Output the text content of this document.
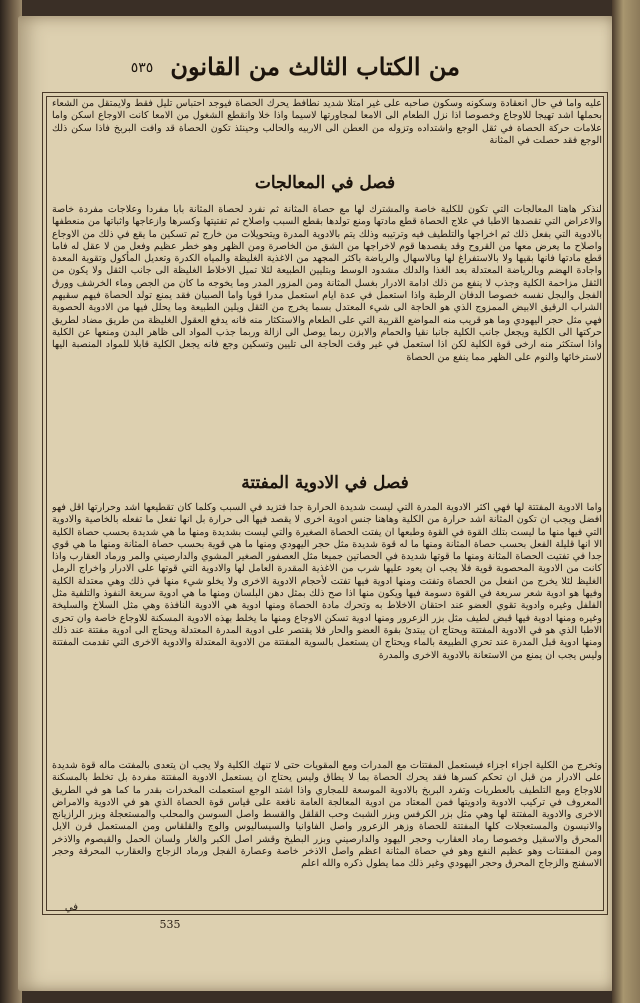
من الكتاب الثالث من القانون
٥٣٥
عليه واما في حال انعقادة وسكونه وسكون صاحبه على غير امتلا شديد نطافط يحرك الحصاة فيوجد احتباس تليل فقط ولايمتقل من الشعاء بحملها اشد تهيجا للاوجاع وخصوصا اذا نزل الطعام الى الامعا لمجاورتها لاسيما واذا خلا وانقطع الشغول من الامعا كانت الاوجاع اسكن واما علامات حركة الحصاة في ثقل الوجع واشتداده وتزوله من العطن الى الاربيه والحالب وحينئذ تكون الحصاة قد وافت البربخ فاذا سكن ذلك الوجع فقد حصلت في المثانة
فصل في المعالجات
لنذكر هاهنا المعالجات التي تكون للكلية خاصة والمشترك لها مع حصاة المثانة ثم نفرد لحصاة المثانة بابا مفردا وعلاجات مفردة خاصة والاعراض التي تقصدها الاطبا في علاج الحصاة قطع مادتها ومنع تولدها بقطع السبب واصلاح ثم تفتيتها وكسرها وازعاجها واثباتها من منعطفها بالادوية التي بفعل ذلك ثم اخراجها والتلطيف فيه وترتيبه وذلك يتم بالادوية المدرة ويتحويلات من خارج ثم تسكين ما يقع في ذلك من الاوجاع واصلاح ما يعرض معها من القروح وقد يقصدها قوم لاخراجها من الشق من الخاصرة ومن الظهر وهو خطر عظيم وفعل من لا عقل له فاما قطع مادتها فانها بقيها ولا بالاستفراغ لها وبالاسهال والرياضة باكثر المجهد من الاغذية الغليظة والمياه الكدرة وتعديل المأكول وتقوية المعدة واجادة الهضم وبالرياضة المعتدلة بعد الغذا والدلك مشدود الوسط وبتليين الطبيعة لئلا تميل الاخلاط الغليظة الى جانب الثقل ولا يكون من الثقل مزاحمة الكلية وجذب لا ينفع من ذلك ادامة الادرار بغسل المثانة ومن المزور المدر وما يخوجه ما كان من الجص وماء الخرشف وورق الفجل والبجل نفسه خصوصا الدفان الرطبة واذا استعمل في عدة ايام استعمل مدرا قويا واما الصبيان فقد يمنع تولد الحصاة فيهم سقيهم الشراب الرقيق الابيض الممزوج الذي هو الحاجة الى شيء المعتدل بسما يخرج من الثقل ويلين الطبيعة وما يحلل فيها من الادوية الحصوية فهي مثل حجر اليهودي وما هو قريب منه المواضع القريبة التي على الطعام والاستكثار منه فانه يدفع العقول الغليظة من طريق مضاد لطريق حركتها الى الكلية ويجعل جانب الكلية جانبا نقيا والحمام والابزن ربما يوصل الى ازالة وربما جذب المواد الى ظاهر البدن ومنعها عن الكلية واذا استكثر منه ارخى قوة الكلية لكن اذا استعمل في غير وقت الحاجة الى تليين وتسكين وجع فانه يجعل الكلية قابلا للمواد المنصبة اليها لاسترخائها والنوم على الظهر مما ينفع من الحصاة
فصل في الادوية المفتتة
واما الادوية المفتتة لها فهي اكثر الادوية المدرة التي ليست شديدة الحرارة جدا فتزيد في السبب وكلما كان تقطيعها اشد وحرارتها اقل فهو افضل ويجب ان تكون المثانة اشد حرارة من الكلية وهاهنا جنس ادوية اخرى لا يقصد فيها الى حرارة بل انها تفعل ما تفعله بالخاصية والادوية التي فيها منها ما ليست بتلك القوة في القوة وطبعها ان يفتت الحصاة الصغيرة والتي ليست بشديدة ومنها ما هي شديدة بحسب حصاة الكلية الا انها قليلة الفعل بحسب حصاة المثانة ومنها ما له قوة شديدة مثل حجر اليهودي ومنها ما هي قوية بحسب حصاة المثانة ومنها ما هي قوي جدا في تفتيت الحصاة المثانة ومنها ما قوتها شديدة في الحصاتين جميعا مثل العصفور الصغير المشوي والدارصيني والمر ورماد العقارب واذا كانت من الادوية المحصوية قوية فلا يجب ان يعود عليها شرب من الاغذية المقدرة العامل لها والادوية التي قوتها على الادرار واخراج الرمل الغليظ لئلا يخرج من انفعل من الحصاة وتفتت ومنها ادوية فيها تفتت لأحجام الادوية الاخرى ولا يخلو شيء منها في ذلك وهي معتدلة الكلية وفيها هو ادوية شعر سريعة في القوة دسومة فيها ويكون منها اذا صح ذلك بمثل دهن البلسان ومنها ما هي ادوية سريعة النفوذ والتلفية مثل الفلفل وغيره وادوية تقوي العضو عند احتقان الاخلاط به وتحرك مادة الحصاة ومنها ادوية هي الادوية النافذة وهي مثل السلاخ والسليخة وغيره ومنها ادوية فيها قبض لطيف مثل بزر الزعرور ومنها ادوية تسكن الاوجاع ومنها ما يخلط بهذه الادوية المسكنة للاوجاع خاصة وان تحرى الاطبا الذي هو في الادوية المفتتة ويحتاج ان يبتدئ بقوة العضو والحار فلا يقتصر على ادوية المدرة المعتدلة ويحتاج الى ادوية مفتتة عند ذلك ومنها ادوية قبل المدرة عند تحري الطبيعة بالماء ويحتاج ان يستعمل بالسوية المفتتة من الادوية المعتدلة والادوية الاخرى التي تقدمت المفتتة وليس يجب ان يمنع من الاستعانة بالادوية الاخرى والمدرة
وتخرج من الكلية اجزاء اجزاء فيستعمل المفتتات مع المدرات ومع المقويات حتى لا تنهك الكلية ولا يجب ان يتعدى بالمفتت ماله قوة شديدة على الادرار من قبل ان تحكم كسرها فقد يحرك الحصاة بما لا يطاق وليس يحتاج ان يستعمل الادوية المفتتة مفردة بل تخلط بالمسكنة للاوجاع ومع التلطيف بالعطريات وتفرد البربخ بالادوية الموسعة للمجاري واذا اشتد الوجع استعملت المخدرات بقدر ما كما هو في الطريق المعروف في تركيب الادوية وادويتها فمن المعتاد من ادوية المعالجة العامة نافعة على قياس قوة الحصاة الذي هو في الادوية والامراض الاخرى والادوية المفتتة لها وهي مثل بزر الكرفس وبزر الشبث وحب القلقل والقسط واصل السوسن والمحلب والمستعجلة وبزر الرازيانج والانيسون والمستعجلات كلها المفتتة للحصاة وزهر الزعرور واصل الفاوانيا والسيساليوس والوج والقلقاس ومن المستعمل قرن الايل المحرق والاسقيل وخصوصا رماد العقارب وحجر اليهود والدارصيني وبزر البطيخ وقشر اصل الكبر والغار ولسان الحمل والقيصوم والاذخر ومن المفتتات وهو عظيم النفع وهو في حصاة المثانة اعظم واصل الاذخر خاصة وعصارة الفجل ورماد الزجاج والعقارب المحرقة وحجر الاسفنج والزجاج المحرق وحجر اليهودي وغير ذلك مما يطول ذكره والله اعلم
في
535
